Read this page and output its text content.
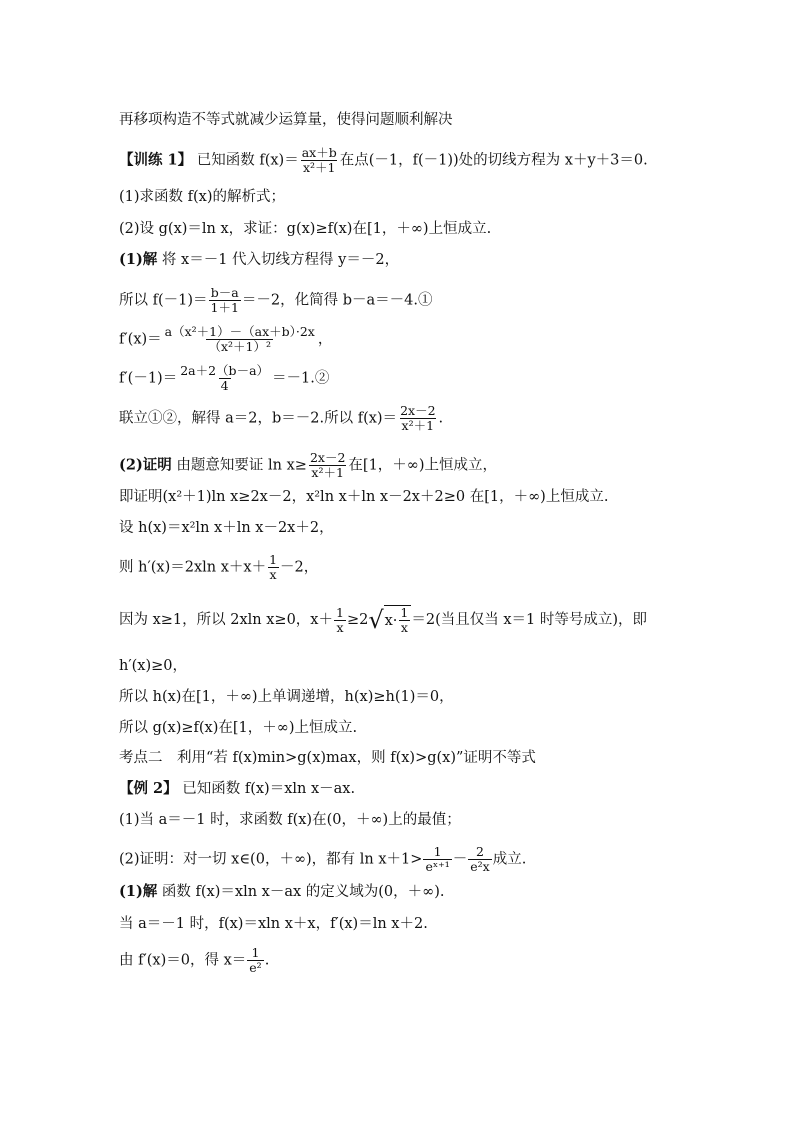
再移项构造不等式就减少运算量，使得问题顺利解决
【训练 1】 已知函数 $f(x)= \frac{ax+b}{\text{x²＋1}}$ 在点(－1，f(－1))处的切线方程为 x＋y＋3＝0.
(1)求函数 f(x)的解析式；
(2)设 g(x)＝ln x，求证：g(x)≥f(x)在[1，＋∞)上恒成立.
(1)解 将 x＝－1 代入切线方程得 y＝－2，
所以 $f(-1)= \frac{b-a}{1+1} =-2$，化简得 b－a＝－4.①
$f'(x)= \frac{\text{a（x²＋1）－（ax＋b）·2x}}{\text{（x²＋1）²}}$ ，
$f'(-1)= \frac{2a+2(b-a)}{4}$ ＝－1.②
联立①②，解得 a＝2，b＝－2.所以 $f(x)= \frac{2x-2}{\text{x²＋1}}$ .
(2)证明 由题意知要证 $\ln x\ge \frac{2x-2}{\text{x²＋1}}$ 在[1，＋∞)上恒成立，
即证明(x²＋1)ln x≥2x－2，x²ln x＋ln x－2x＋2≥0 在[1，＋∞)上恒成立.
设 h(x)＝x²ln x＋ln x－2x＋2，
则 h′(x)＝2xln $x+x+ \frac{1}{x} -2$，
因为 x≥1，所以 2xln x≥0，$x+ \frac{1}{x} \ge 2$ √ $x\cdot \frac{1}{x} =2$(当且仅当 x＝1 时等号成立)，即
h′(x)≥0，
所以 h(x)在[1，＋∞)上单调递增，h(x)≥h(1)＝0，
所以 g(x)≥f(x)在[1，＋∞)上恒成立.
考点二　利用“若 f(x)min>g(x)max，则 f(x)>g(x)”证明不等式
【例 2】 已知函数 f(x)＝xln x－ax.
(1)当 a＝－1 时，求函数 f(x)在(0，＋∞)上的最值；
(2)证明：对一切 x∈(0，＋∞)，都有 $\ln x+1> \frac{1}{\text{eˣ⁺¹}} - \frac{2}{\text{e²x}}$ 成立.
(1)解 函数 f(x)＝xln x－ax 的定义域为(0，＋∞).
当 a＝－1 时，f(x)＝xln x＋x，f′(x)＝ln x＋2.
由 f′(x)＝0，得 $x= \frac{1}{\text{e²}}$ .
